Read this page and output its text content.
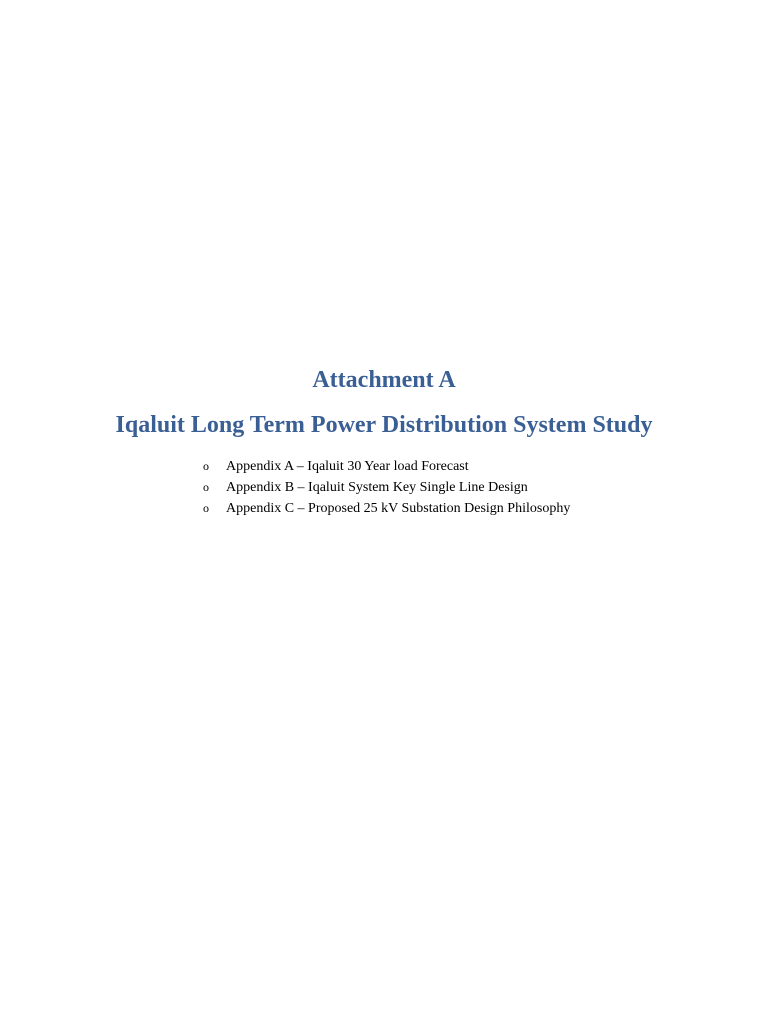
Attachment A
Iqaluit Long Term Power Distribution System Study
o	Appendix A – Iqaluit 30 Year load Forecast
o	Appendix B – Iqaluit System Key Single Line Design
o	Appendix C – Proposed 25 kV Substation Design Philosophy
